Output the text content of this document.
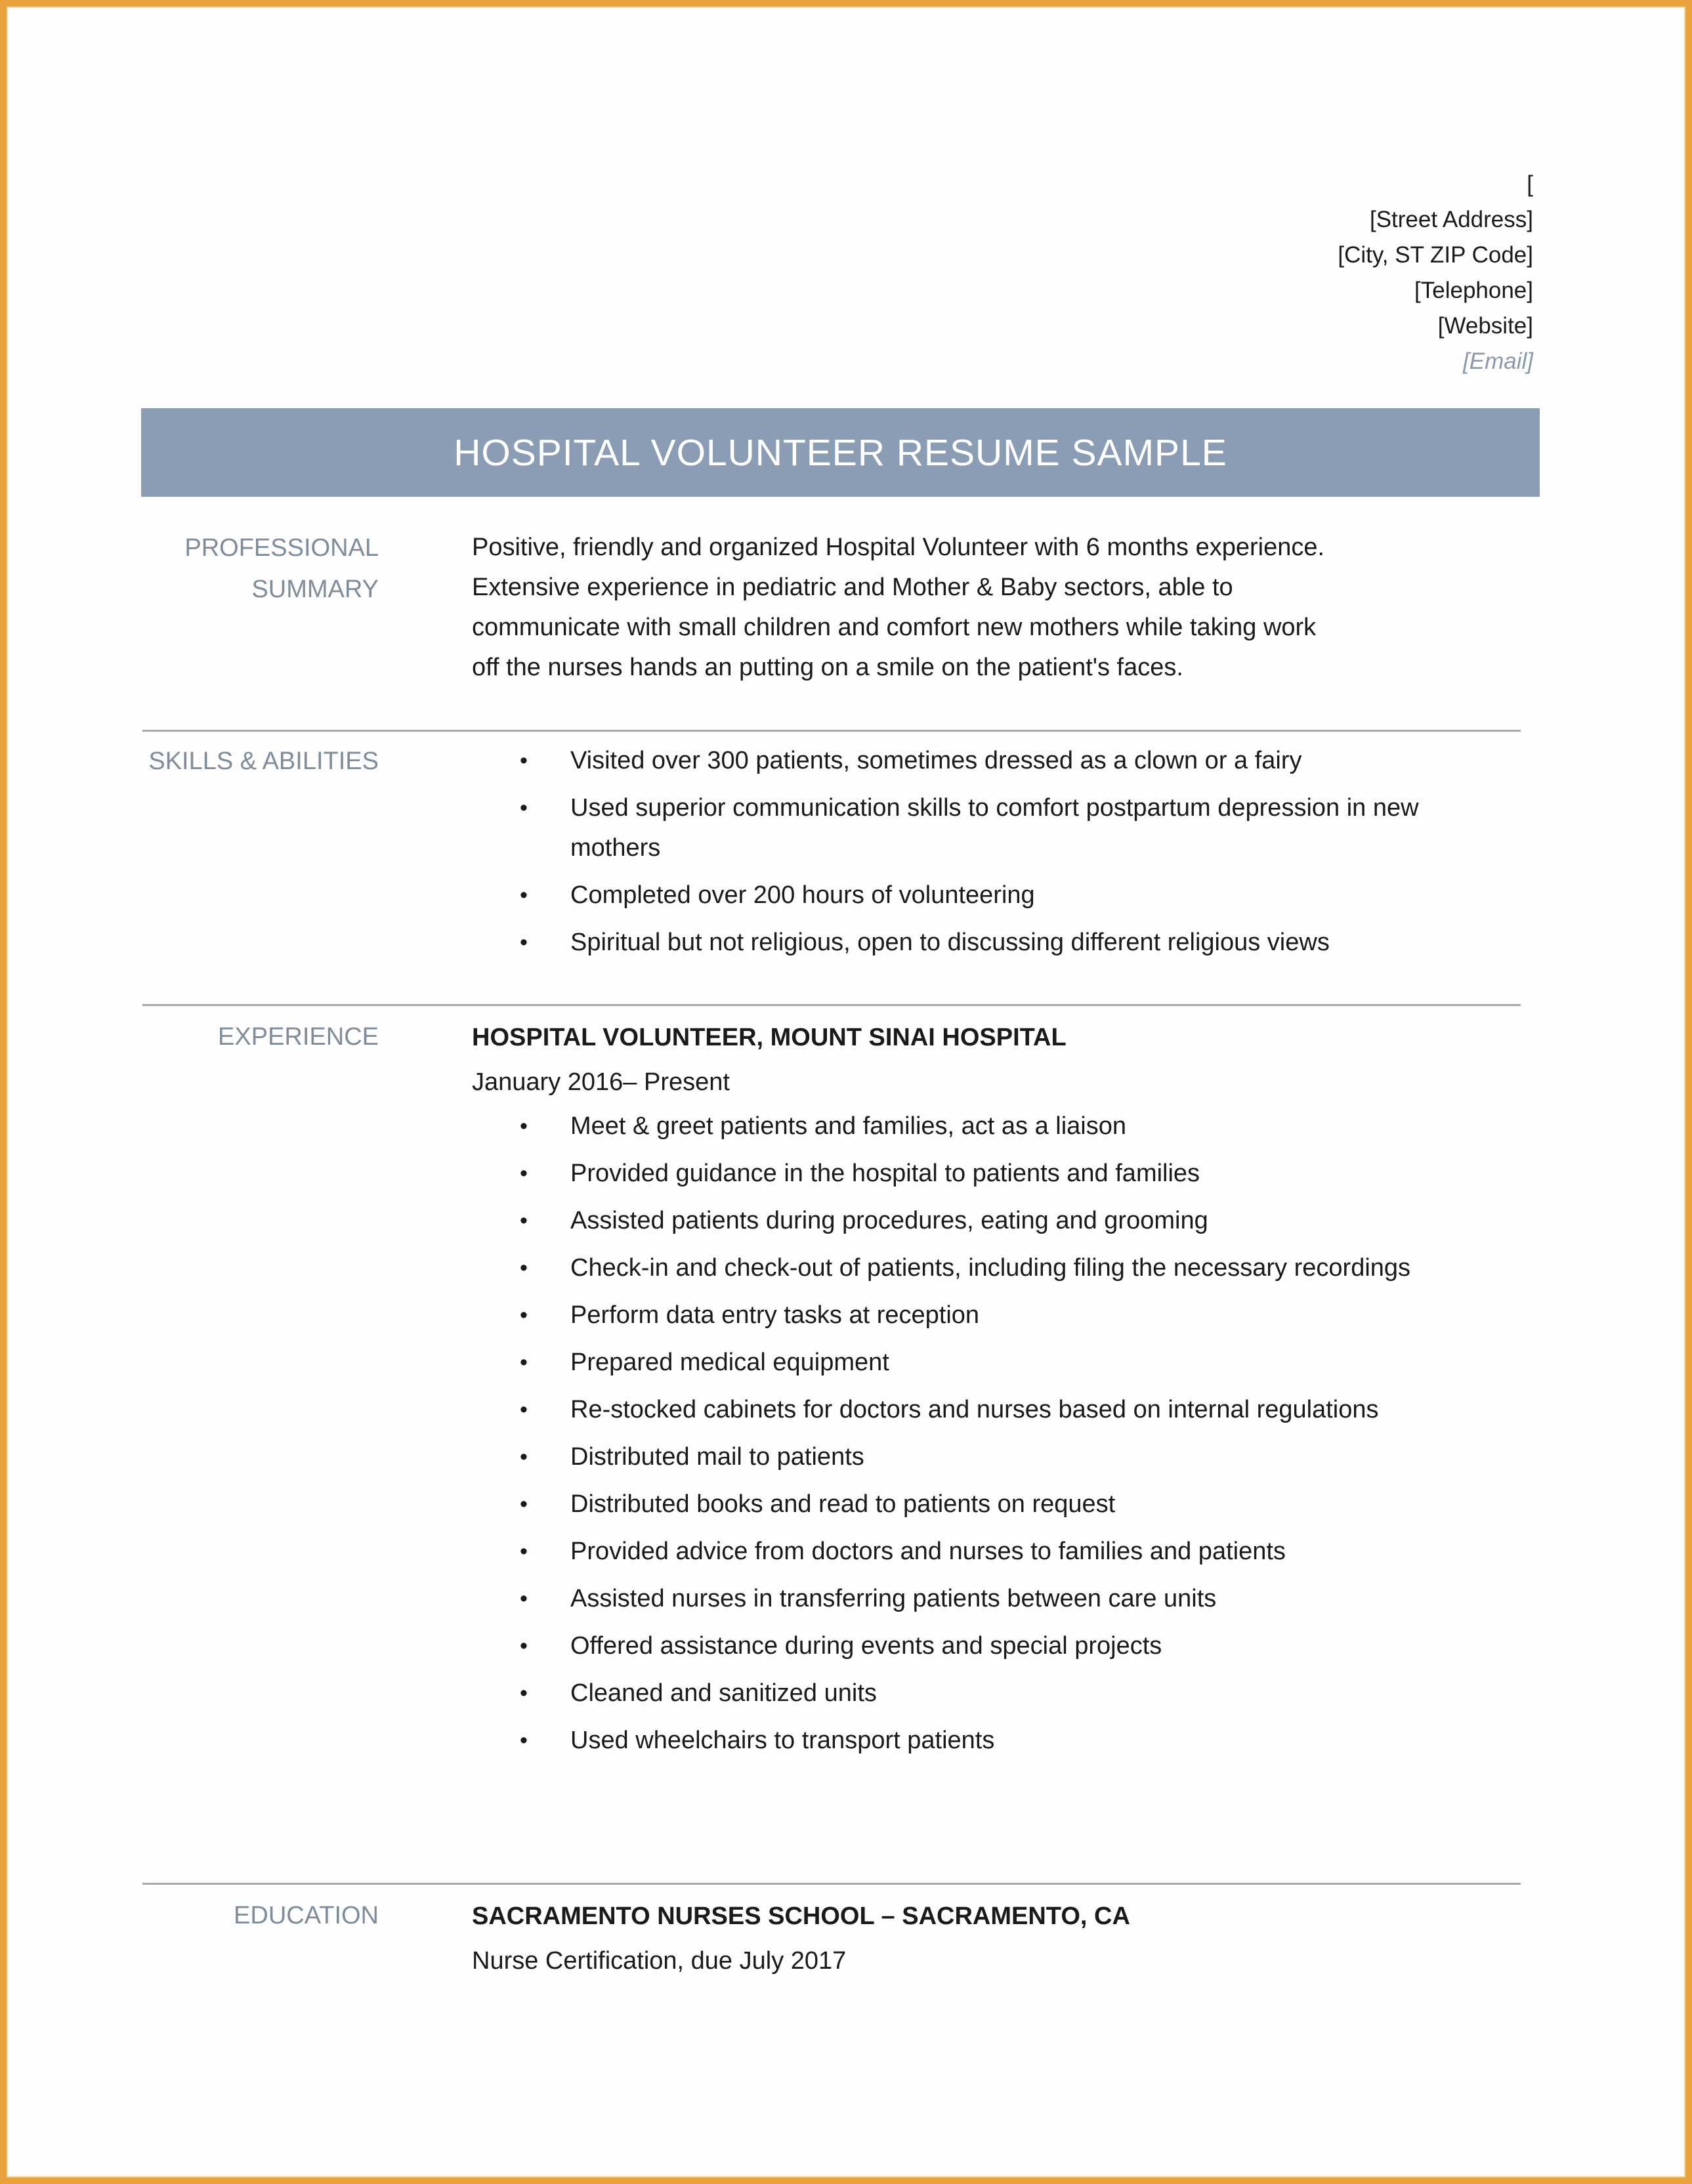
[
[Street Address]
[City, ST ZIP Code]
[Telephone]
[Website]
[Email]
HOSPITAL VOLUNTEER RESUME SAMPLE
PROFESSIONAL
SUMMARY

Positive, friendly and organized Hospital Volunteer with 6 months experience. Extensive experience in pediatric and Mother & Baby sectors, able to communicate with small children and comfort new mothers while taking work off the nurses hands an putting on a smile on the patient's faces.

SKILLS & ABILITIES	• Visited over 300 patients, sometimes dressed as a clown or a fairy
• Used superior communication skills to comfort postpartum depression in new mothers
• Completed over 200 hours of volunteering
• Spiritual but not religious, open to discussing different religious views
EXPERIENCE	HOSPITAL VOLUNTEER, MOUNT SINAI HOSPITAL
January 2016– Present
• Meet & greet patients and families, act as a liaison
• Provided guidance in the hospital to patients and families
• Assisted patients during procedures, eating and grooming
• Check-in and check-out of patients, including filing the necessary recordings
• Perform data entry tasks at reception
• Prepared medical equipment
• Re-stocked cabinets for doctors and nurses based on internal regulations
• Distributed mail to patients
• Distributed books and read to patients on request
• Provided advice from doctors and nurses to families and patients
• Assisted nurses in transferring patients between care units
• Offered assistance during events and special projects
• Cleaned and sanitized units
• Used wheelchairs to transport patients
EDUCATION	SACRAMENTO NURSES SCHOOL – SACRAMENTO, CA
Nurse Certification, due July 2017
